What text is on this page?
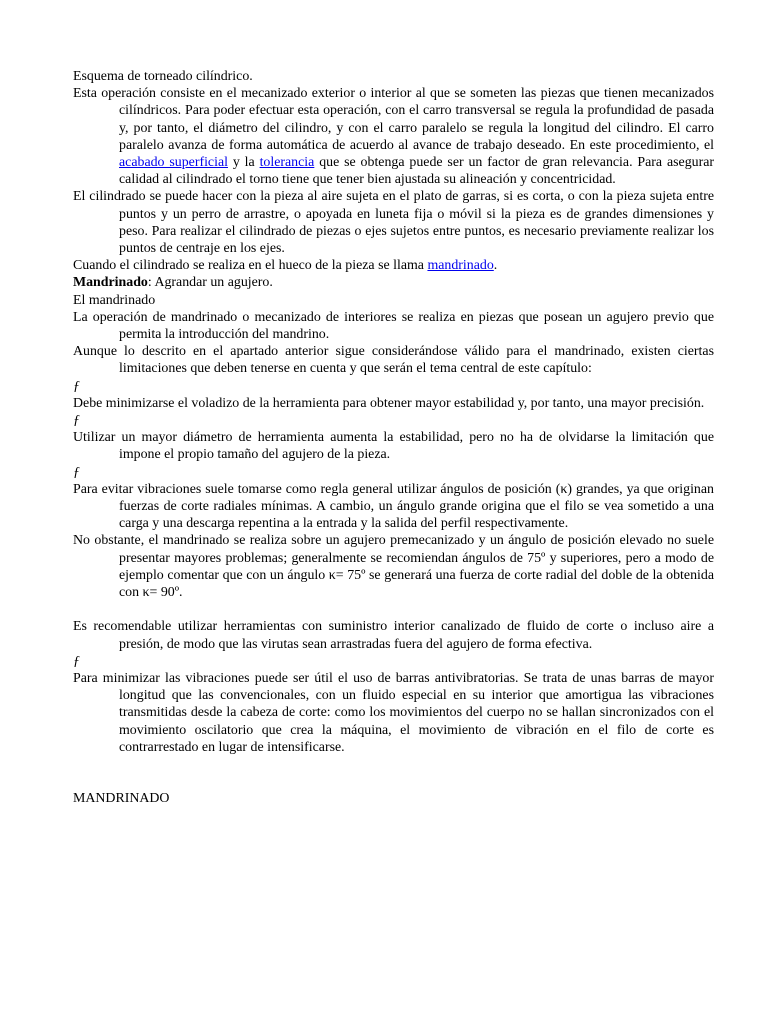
Esquema de torneado cilíndrico.

Esta operación consiste en el mecanizado exterior o interior al que se someten las piezas que tienen mecanizados cilíndricos. Para poder efectuar esta operación, con el carro transversal se regula la profundidad de pasada y, por tanto, el diámetro del cilindro, y con el carro paralelo se regula la longitud del cilindro. El carro paralelo avanza de forma automática de acuerdo al avance de trabajo deseado. En este procedimiento, el acabado superficial y la tolerancia que se obtenga puede ser un factor de gran relevancia. Para asegurar calidad al cilindrado el torno tiene que tener bien ajustada su alineación y concentricidad.

El cilindrado se puede hacer con la pieza al aire sujeta en el plato de garras, si es corta, o con la pieza sujeta entre puntos y un perro de arrastre, o apoyada en luneta fija o móvil si la pieza es de grandes dimensiones y peso. Para realizar el cilindrado de piezas o ejes sujetos entre puntos, es necesario previamente realizar los puntos de centraje en los ejes.

Cuando el cilindrado se realiza en el hueco de la pieza se llama mandrinado.

Mandrinado: Agrandar un agujero.

El mandrinado

La operación de mandrinado o mecanizado de interiores se realiza en piezas que posean un agujero previo que permita la introducción del mandrino.

Aunque lo descrito en el apartado anterior sigue considerándose válido para el mandrinado, existen ciertas limitaciones que deben tenerse en cuenta y que serán el tema central de este capítulo:

ƒ

Debe minimizarse el voladizo de la herramienta para obtener mayor estabilidad y, por tanto, una mayor precisión.

ƒ

Utilizar un mayor diámetro de herramienta aumenta la estabilidad, pero no ha de olvidarse la limitación que impone el propio tamaño del agujero de la pieza.

ƒ

Para evitar vibraciones suele tomarse como regla general utilizar ángulos de posición (κ) grandes, ya que originan fuerzas de corte radiales mínimas. A cambio, un ángulo grande origina que el filo se vea sometido a una carga y una descarga repentina a la entrada y la salida del perfil respectivamente.

No obstante, el mandrinado se realiza sobre un agujero premecanizado y un ángulo de posición elevado no suele presentar mayores problemas; generalmente se recomiendan ángulos de 75º y superiores, pero a modo de ejemplo comentar que con un ángulo κ= 75º se generará una fuerza de corte radial del doble de la obtenida con κ= 90º.

Es recomendable utilizar herramientas con suministro interior canalizado de fluido de corte o incluso aire a presión, de modo que las virutas sean arrastradas fuera del agujero de forma efectiva.

ƒ

Para minimizar las vibraciones puede ser útil el uso de barras antivibratorias. Se trata de unas barras de mayor longitud que las convencionales, con un fluido especial en su interior que amortigua las vibraciones transmitidas desde la cabeza de corte: como los movimientos del cuerpo no se hallan sincronizados con el movimiento oscilatorio que crea la máquina, el movimiento de vibración en el filo de corte es contrarrestado en lugar de intensificarse.

MANDRINADO
